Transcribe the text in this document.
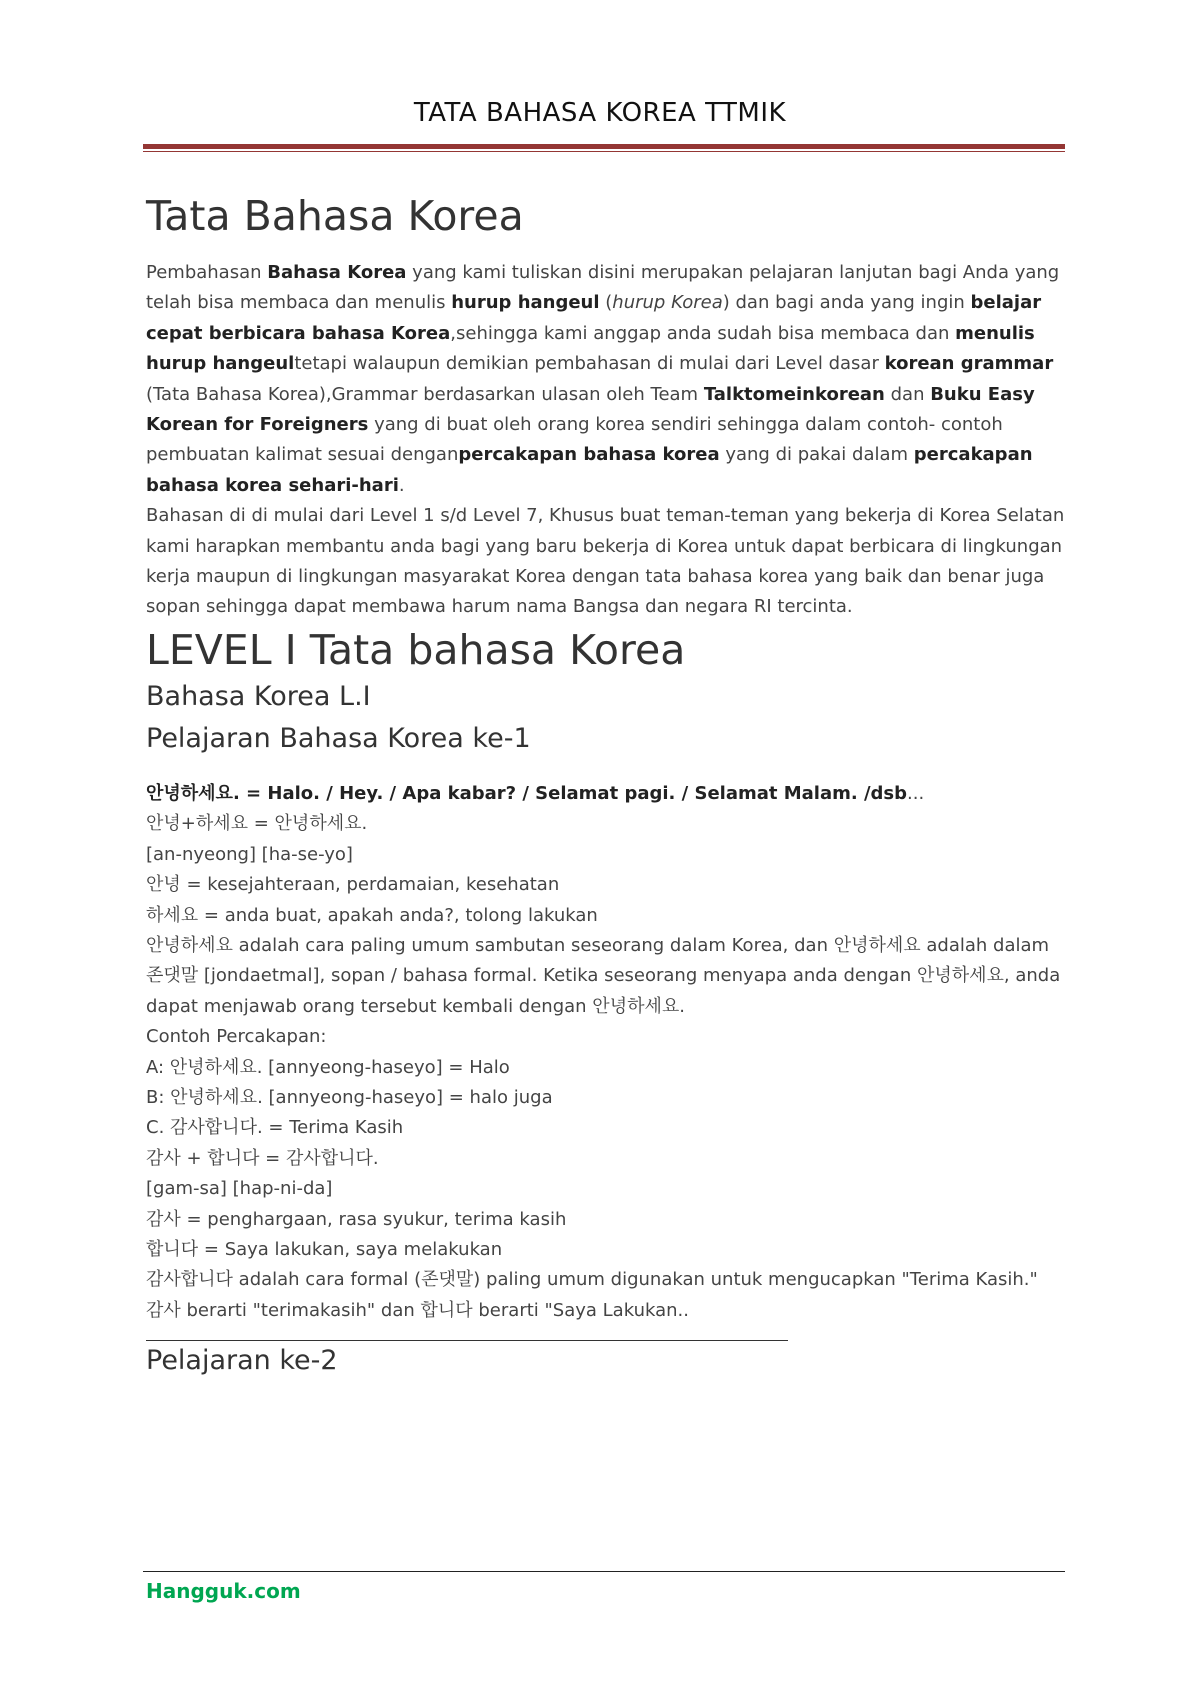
TATA BAHASA KOREA TTMIK
Tata Bahasa Korea

Pembahasan Bahasa Korea yang kami tuliskan disini merupakan pelajaran lanjutan bagi Anda yang telah bisa membaca dan menulis hurup hangeul (hurup Korea) dan bagi anda yang ingin belajar cepat berbicara bahasa Korea,sehingga kami anggap anda sudah bisa membaca dan menulis hurup hangeultetapi walaupun demikian pembahasan di mulai dari Level dasar korean grammar (Tata Bahasa Korea),Grammar berdasarkan ulasan oleh Team Talktomeinkorean dan Buku Easy Korean for Foreigners yang di buat oleh orang korea sendiri sehingga dalam contoh- contoh pembuatan kalimat sesuai denganpercakapan bahasa korea yang di pakai dalam percakapan bahasa korea sehari-hari.

Bahasan di di mulai dari Level 1 s/d Level 7, Khusus buat teman-teman yang bekerja di Korea Selatan kami harapkan membantu anda bagi yang baru bekerja di Korea untuk dapat berbicara di lingkungan kerja maupun di lingkungan masyarakat Korea dengan tata bahasa korea yang baik dan benar juga sopan sehingga dapat membawa harum nama Bangsa dan negara RI tercinta.

LEVEL I Tata bahasa Korea
Bahasa Korea L.I
Pelajaran Bahasa Korea ke-1
안녕하세요. = Halo. / Hey. / Apa kabar? / Selamat pagi. / Selamat Malam. /dsb...
안녕+하세요 = 안녕하세요.
[an-nyeong] [ha-se-yo]
안녕 = kesejahteraan, perdamaian, kesehatan
하세요 = anda buat, apakah anda?, tolong lakukan
안녕하세요 adalah cara paling umum sambutan seseorang dalam Korea, dan 안녕하세요 adalah dalam 존댓말 [jondaetmal], sopan / bahasa formal. Ketika seseorang menyapa anda dengan 안녕하세요, anda dapat menjawab orang tersebut kembali dengan 안녕하세요.
Contoh Percakapan:
A: 안녕하세요. [annyeong-haseyo] = Halo
B: 안녕하세요. [annyeong-haseyo] = halo juga
C. 감사합니다. = Terima Kasih
감사 + 합니다 = 감사합니다.
[gam-sa] [hap-ni-da]
감사 = penghargaan, rasa syukur, terima kasih
합니다 = Saya lakukan, saya melakukan
감사합니다 adalah cara formal (존댓말) paling umum digunakan untuk mengucapkan "Terima Kasih."
감사 berarti "terimakasih" dan 합니다 berarti "Saya Lakukan..
Pelajaran ke-2
Hangguk.com
